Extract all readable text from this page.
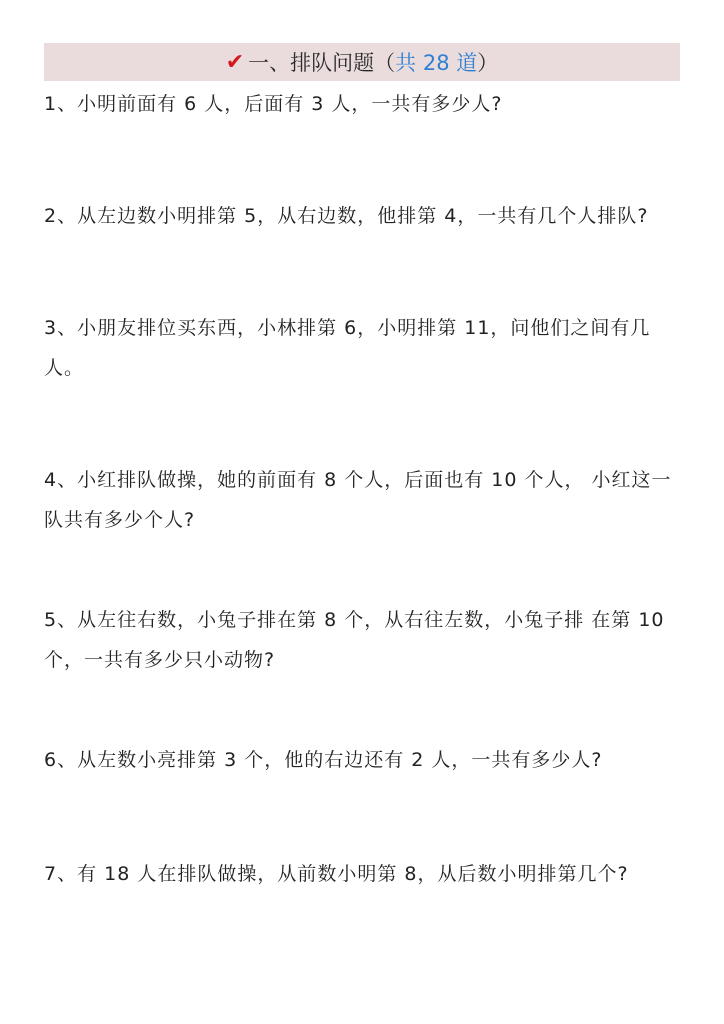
✔ 一、排队问题 （ 共 28 道 ）

1、小明前面有 6 人，后面有 3 人，一共有多少人?

2、从左边数小明排第 5，从右边数，他排第 4，一共有几个人排队?

3、小朋友排位买东西，小林排第 6，小明排第 11，问他们之间有几人。

4、小红排队做操，她的前面有 8 个人，后面也有 10 个人， 小红这一队共有多少个人?

5、从左往右数，小兔子排在第 8 个，从右往左数，小兔子排 在第 10 个，一共有多少只小动物?

6、从左数小亮排第 3 个，他的右边还有 2 人，一共有多少人?

7、有 18 人在排队做操，从前数小明第 8，从后数小明排第几个?
